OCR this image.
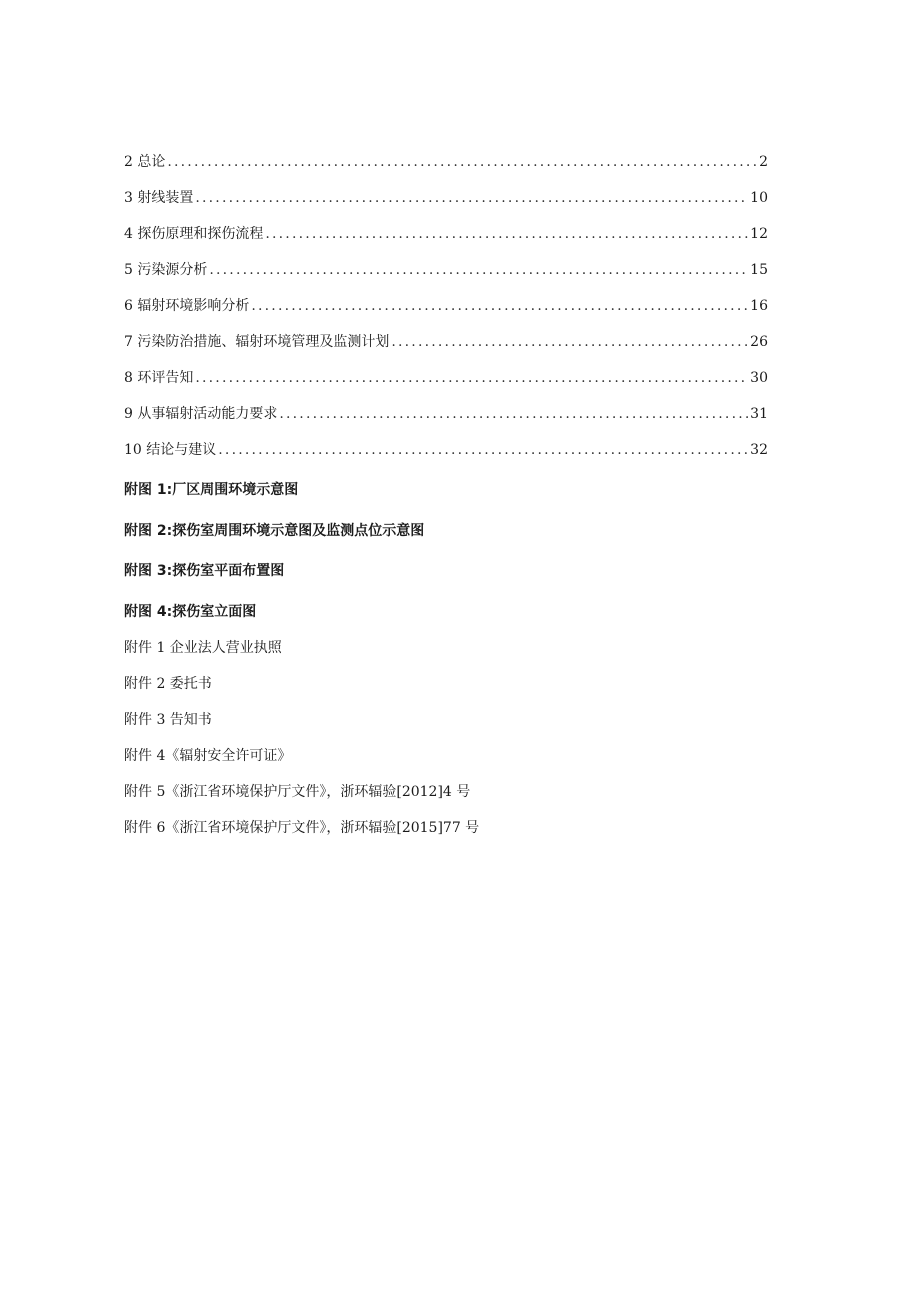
2 总论 .....	2
3 射线装置 .....	10
4 探伤原理和探伤流程 .....	12
5 污染源分析 .....	15
6 辐射环境影响分析 .....	16
7 污染防治措施、辐射环境管理及监测计划 .....	26
8 环评告知 .....	30
9 从事辐射活动能力要求 .....	31
10 结论与建议 .....	32
附图 1:厂区周围环境示意图
附图 2:探伤室周围环境示意图及监测点位示意图
附图 3:探伤室平面布置图
附图 4:探伤室立面图
附件 1 企业法人营业执照
附件 2 委托书
附件 3 告知书
附件 4《辐射安全许可证》
附件 5《浙江省环境保护厅文件》，浙环辐验[2012]4 号
附件 6《浙江省环境保护厅文件》，浙环辐验[2015]77 号
